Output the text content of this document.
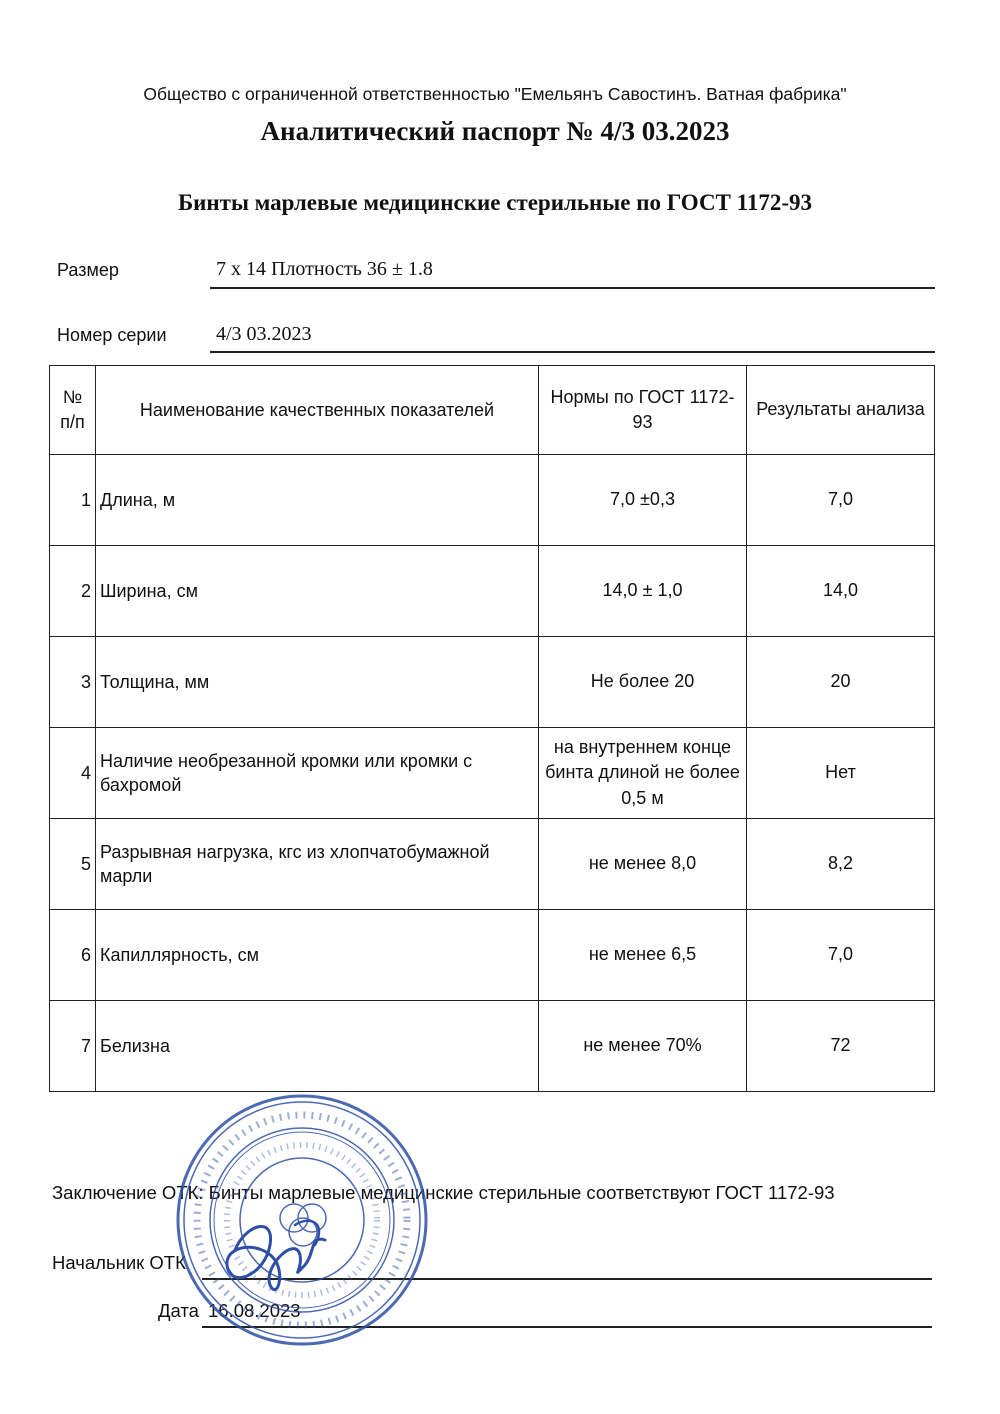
Общество с ограниченной ответственностью "Емельянъ Савостинъ. Ватная фабрика"
Аналитический паспорт № 4/3 03.2023
Бинты марлевые медицинские стерильные по ГОСТ 1172-93
Размер	7 х 14 Плотность 36 ± 1.8
Номер серии 4/3 03.2023
№ п/п	Наименование качественных показателей	Нормы по ГОСТ 1172-93	Результаты анализа
1	Длина, м	7,0 ±0,3	7,0
2	Ширина, см	14,0 ± 1,0	14,0
3	Толщина, мм	Не более 20	20
4	Наличие необрезанной кромки или кромки с бахромой	на внутреннем конце бинта длиной не более 0,5 м	Нет
5	Разрывная нагрузка, кгс из хлопчатобумажной марли	не менее 8,0	8,2
6	Капиллярность, см	не менее 6,5	7,0
7	Белизна	не менее 70%	72
Заключение ОТК: Бинты марлевые медицинские стерильные соответствуют ГОСТ 1172-93
Начальник ОТК
Дата 16.08.2023
